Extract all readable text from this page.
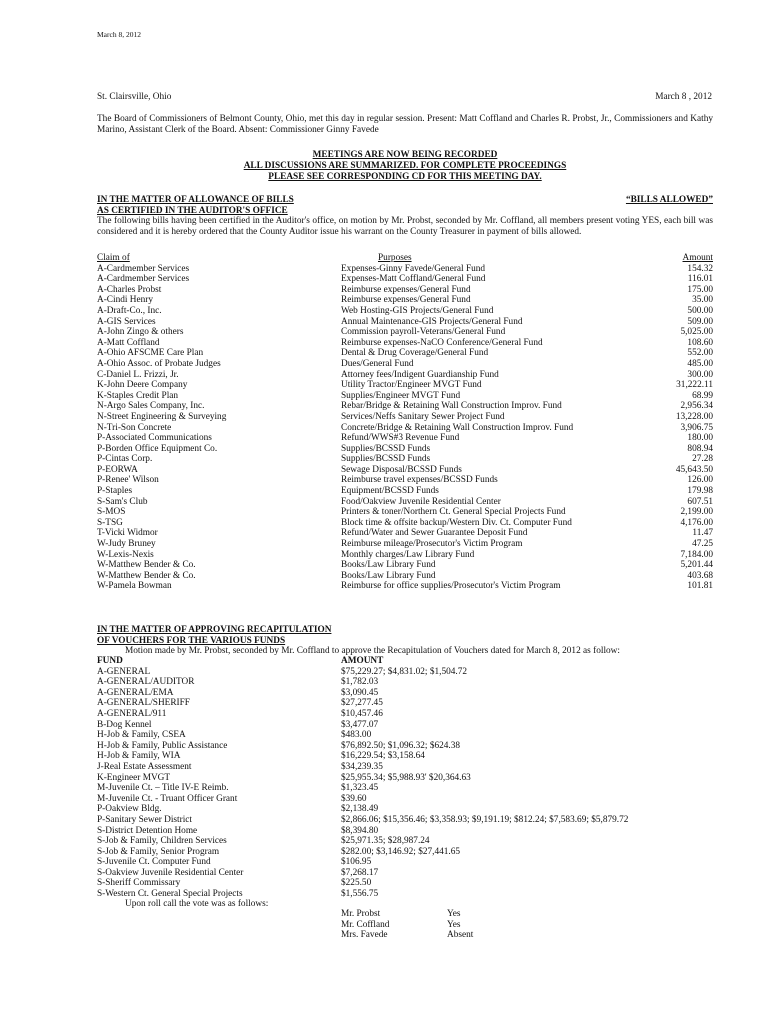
March 8, 2012
St. Clairsville, Ohio	March 8 , 2012
The Board of Commissioners of Belmont County, Ohio, met this day in regular session. Present: Matt Coffland and Charles R. Probst, Jr., Commissioners and Kathy Marino, Assistant Clerk of the Board. Absent: Commissioner Ginny Favede
MEETINGS ARE NOW BEING RECORDED
ALL DISCUSSIONS ARE SUMMARIZED. FOR COMPLETE PROCEEDINGS
PLEASE SEE CORRESPONDING CD FOR THIS MEETING DAY.
IN THE MATTER OF ALLOWANCE OF BILLS
AS CERTIFIED IN THE AUDITOR'S OFFICE
“BILLS ALLOWED”
The following bills having been certified in the Auditor's office, on motion by Mr. Probst, seconded by Mr. Coffland, all members present voting YES, each bill was considered and it is hereby ordered that the County Auditor issue his warrant on the County Treasurer in payment of bills allowed.
Claim of	Purposes	Amount
A-Cardmember Services	Expenses-Ginny Favede/General Fund	154.32
A-Cardmember Services	Expenses-Matt Coffland/General Fund	116.01
A-Charles Probst	Reimburse expenses/General Fund	175.00
A-Cindi Henry	Reimburse expenses/General Fund	35.00
A-Draft-Co., Inc.	Web Hosting-GIS Projects/General Fund	500.00
A-GIS Services	Annual Maintenance-GIS Projects/General Fund	509.00
A-John Zingo & others	Commission payroll-Veterans/General Fund	5,025.00
A-Matt Coffland	Reimburse expenses-NaCO Conference/General Fund	108.60
A-Ohio AFSCME Care Plan	Dental & Drug Coverage/General Fund	552.00
A-Ohio Assoc. of Probate Judges	Dues/General Fund	485.00
C-Daniel L. Frizzi, Jr.	Attorney fees/Indigent Guardianship Fund	300.00
K-John Deere Company	Utility Tractor/Engineer MVGT Fund	31,222.11
K-Staples Credit Plan	Supplies/Engineer MVGT Fund	68.99
N-Argo Sales Company, Inc.	Rebar/Bridge & Retaining Wall Construction Improv. Fund	2,956.34
N-Street Engineering & Surveying	Services/Neffs Sanitary Sewer Project Fund	13,228.00
N-Tri-Son Concrete	Concrete/Bridge & Retaining Wall Construction Improv. Fund	3,906.75
P-Associated Communications	Refund/WWS#3 Revenue Fund	180.00
P-Borden Office Equipment Co.	Supplies/BCSSD Funds	808.94
P-Cintas Corp.	Supplies/BCSSD Funds	27.28
P-EORWA	Sewage Disposal/BCSSD Funds	45,643.50
P-Renee' Wilson	Reimburse travel expenses/BCSSD Funds	126.00
P-Staples	Equipment/BCSSD Funds	179.98
S-Sam's Club	Food/Oakview Juvenile Residential Center	607.51
S-MOS	Printers & toner/Northern Ct. General Special Projects Fund	2,199.00
S-TSG	Block time & offsite backup/Western Div. Ct. Computer Fund	4,176.00
T-Vicki Widmor	Refund/Water and Sewer Guarantee Deposit Fund	11.47
W-Judy Bruney	Reimburse mileage/Prosecutor's Victim Program	47.25
W-Lexis-Nexis	Monthly charges/Law Library Fund	7,184.00
W-Matthew Bender & Co.	Books/Law Library Fund	5,201.44
W-Matthew Bender & Co.	Books/Law Library Fund	403.68
W-Pamela Bowman	Reimburse for office supplies/Prosecutor's Victim Program	101.81
IN THE MATTER OF APPROVING RECAPITULATION
OF VOUCHERS FOR THE VARIOUS FUNDS
Motion made by Mr. Probst, seconded by Mr. Coffland to approve the Recapitulation of Vouchers dated for March 8, 2012 as follow:
FUND	AMOUNT
A-GENERAL	$75,229.27; $4,831.02; $1,504.72
A-GENERAL/AUDITOR	$1,782.03
A-GENERAL/EMA	$3,090.45
A-GENERAL/SHERIFF	$27,277.45
A-GENERAL/911	$10,457.46
B-Dog Kennel	$3,477.07
H-Job & Family, CSEA	$483.00
H-Job & Family, Public Assistance	$76,892.50; $1,096.32; $624.38
H-Job & Family, WIA	$16,229.54; $3,158.64
J-Real Estate Assessment	$34,239.35
K-Engineer MVGT	$25,955.34; $5,988.93' $20,364.63
M-Juvenile Ct. – Title IV-E Reimb.	$1,323.45
M-Juvenile Ct. - Truant Officer Grant	$39.60
P-Oakview Bldg.	$2,138.49
P-Sanitary Sewer District	$2,866.06; $15,356.46; $3,358.93; $9,191.19; $812.24; $7,583.69; $5,879.72
S-District Detention Home	$8,394.80
S-Job & Family, Children Services	$25,971.35; $28,987.24
S-Job & Family, Senior Program	$282.00; $3,146.92; $27,441.65
S-Juvenile Ct. Computer Fund	$106.95
S-Oakview Juvenile Residential Center	$7,268.17
S-Sheriff Commissary	$225.50
S-Western Ct. General Special Projects	$1,556.75
Upon roll call the vote was as follows:
Mr. Probst	Yes
Mr. Coffland	Yes
Mrs. Favede	Absent
